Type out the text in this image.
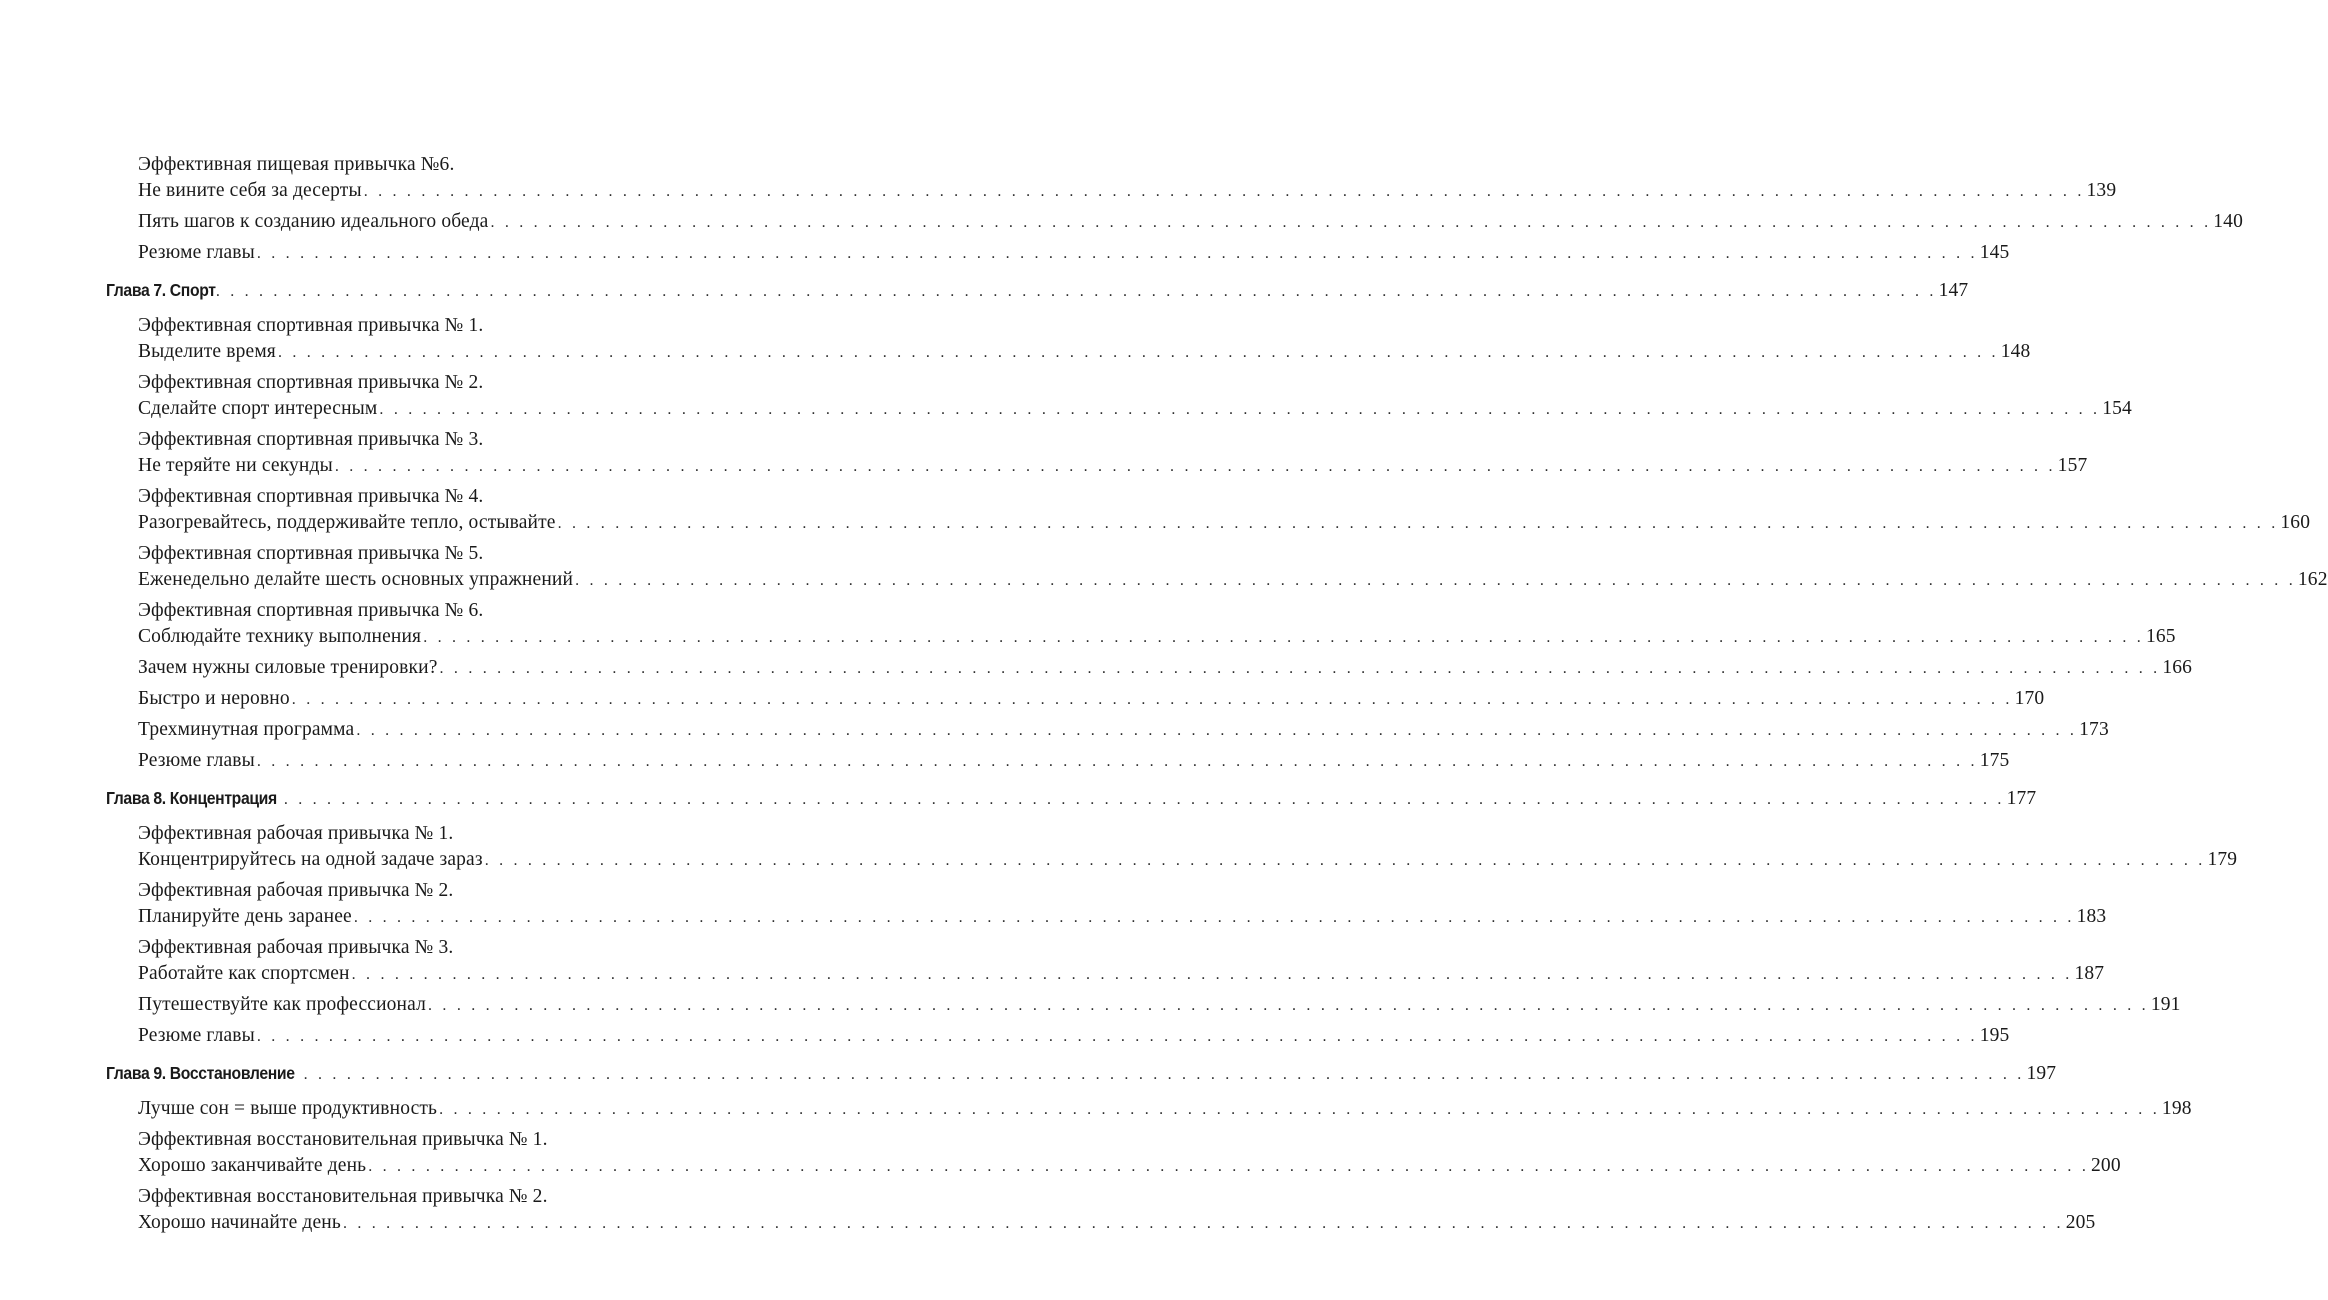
Эффективная пищевая привычка №6.
Не вините себя за десерты . . . . . . . . . . . . . . . . . . . . . . . . . . . . . . . . . . . . . . . . . . . . . . . . . . . . . . . . . . . . . . . . . . . . . . . . . . . . . . . . . . . . . . . . . . . . . . . . . . . . . . . . . . . . . . . . . . . . . . . . 139
Пять шагов к созданию идеального обеда . . . . . . . . . . . . . . . . . . . . . . . . . . . . . . . . . . . . . . . . . . . . . . . . . . . . . . . . . . . . . . . . . . . . . . . . . . . . . . . . . . . . . . . . . . . . . . . . . . . . . . . . . . . . . . . . . . . . . . . . 140
Резюме главы . . . . . . . . . . . . . . . . . . . . . . . . . . . . . . . . . . . . . . . . . . . . . . . . . . . . . . . . . . . . . . . . . . . . . . . . . . . . . . . . . . . . . . . . . . . . . . . . . . . . . . . . . . . . . . . . . . . . . . . . 145
Глава 7. Спорт . . . . . . . . . . . . . . . . . . . . . . . . . . . . . . . . . . . . . . . . . . . . . . . . . . . . . . . . . . . . . . . . . . . . . . . . . . . . . . . . . . . . . . . . . . . . . . . . . . . . . . . . . . . . . . . . . . . . . . . . 147
Эффективная спортивная привычка № 1.
Выделите время . . . . . . . . . . . . . . . . . . . . . . . . . . . . . . . . . . . . . . . . . . . . . . . . . . . . . . . . . . . . . . . . . . . . . . . . . . . . . . . . . . . . . . . . . . . . . . . . . . . . . . . . . . . . . . . . . . . . . . . . 148
Эффективная спортивная привычка № 2.
Сделайте спорт интересным . . . . . . . . . . . . . . . . . . . . . . . . . . . . . . . . . . . . . . . . . . . . . . . . . . . . . . . . . . . . . . . . . . . . . . . . . . . . . . . . . . . . . . . . . . . . . . . . . . . . . . . . . . . . . . . . . . . . . . . . 154
Эффективная спортивная привычка № 3.
Не теряйте ни секунды . . . . . . . . . . . . . . . . . . . . . . . . . . . . . . . . . . . . . . . . . . . . . . . . . . . . . . . . . . . . . . . . . . . . . . . . . . . . . . . . . . . . . . . . . . . . . . . . . . . . . . . . . . . . . . . . . . . . . . . . 157
Эффективная спортивная привычка № 4.
Разогревайтесь, поддерживайте тепло, остывайте . . . . . . . . . . . . . . . . . . . . . . . . . . . . . . . . . . . . . . . . . . . . . . . . . . . . . . . . . . . . . . . . . . . . . . . . . . . . . . . . . . . . . . . . . . . . . . . . . . . . . . . . . . . . . . . . . . . . . . . . 160
Эффективная спортивная привычка № 5.
Еженедельно делайте шесть основных упражнений . . . . . . . . . . . . . . . . . . . . . . . . . . . . . . . . . . . . . . . . . . . . . . . . . . . . . . . . . . . . . . . . . . . . . . . . . . . . . . . . . . . . . . . . . . . . . . . . . . . . . . . . . . . . . . . . . . . . . . . . 162
Эффективная спортивная привычка № 6.
Соблюдайте технику выполнения . . . . . . . . . . . . . . . . . . . . . . . . . . . . . . . . . . . . . . . . . . . . . . . . . . . . . . . . . . . . . . . . . . . . . . . . . . . . . . . . . . . . . . . . . . . . . . . . . . . . . . . . . . . . . . . . . . . . . . . . 165
Зачем нужны силовые тренировки? . . . . . . . . . . . . . . . . . . . . . . . . . . . . . . . . . . . . . . . . . . . . . . . . . . . . . . . . . . . . . . . . . . . . . . . . . . . . . . . . . . . . . . . . . . . . . . . . . . . . . . . . . . . . . . . . . . . . . . . . 166
Быстро и неровно . . . . . . . . . . . . . . . . . . . . . . . . . . . . . . . . . . . . . . . . . . . . . . . . . . . . . . . . . . . . . . . . . . . . . . . . . . . . . . . . . . . . . . . . . . . . . . . . . . . . . . . . . . . . . . . . . . . . . . . . 170
Трехминутная программа . . . . . . . . . . . . . . . . . . . . . . . . . . . . . . . . . . . . . . . . . . . . . . . . . . . . . . . . . . . . . . . . . . . . . . . . . . . . . . . . . . . . . . . . . . . . . . . . . . . . . . . . . . . . . . . . . . . . . . . . 173
Резюме главы . . . . . . . . . . . . . . . . . . . . . . . . . . . . . . . . . . . . . . . . . . . . . . . . . . . . . . . . . . . . . . . . . . . . . . . . . . . . . . . . . . . . . . . . . . . . . . . . . . . . . . . . . . . . . . . . . . . . . . . . 175
Глава 8. Концентрация . . . . . . . . . . . . . . . . . . . . . . . . . . . . . . . . . . . . . . . . . . . . . . . . . . . . . . . . . . . . . . . . . . . . . . . . . . . . . . . . . . . . . . . . . . . . . . . . . . . . . . . . . . . . . . . . . . . . . . . . 177
Эффективная рабочая привычка № 1.
Концентрируйтесь на одной задаче зараз . . . . . . . . . . . . . . . . . . . . . . . . . . . . . . . . . . . . . . . . . . . . . . . . . . . . . . . . . . . . . . . . . . . . . . . . . . . . . . . . . . . . . . . . . . . . . . . . . . . . . . . . . . . . . . . . . . . . . . . . 179
Эффективная рабочая привычка № 2.
Планируйте день заранее . . . . . . . . . . . . . . . . . . . . . . . . . . . . . . . . . . . . . . . . . . . . . . . . . . . . . . . . . . . . . . . . . . . . . . . . . . . . . . . . . . . . . . . . . . . . . . . . . . . . . . . . . . . . . . . . . . . . . . . . 183
Эффективная рабочая привычка № 3.
Работайте как спортсмен . . . . . . . . . . . . . . . . . . . . . . . . . . . . . . . . . . . . . . . . . . . . . . . . . . . . . . . . . . . . . . . . . . . . . . . . . . . . . . . . . . . . . . . . . . . . . . . . . . . . . . . . . . . . . . . . . . . . . . . . 187
Путешествуйте как профессионал . . . . . . . . . . . . . . . . . . . . . . . . . . . . . . . . . . . . . . . . . . . . . . . . . . . . . . . . . . . . . . . . . . . . . . . . . . . . . . . . . . . . . . . . . . . . . . . . . . . . . . . . . . . . . . . . . . . . . . . . 191
Резюме главы . . . . . . . . . . . . . . . . . . . . . . . . . . . . . . . . . . . . . . . . . . . . . . . . . . . . . . . . . . . . . . . . . . . . . . . . . . . . . . . . . . . . . . . . . . . . . . . . . . . . . . . . . . . . . . . . . . . . . . . . 195
Глава 9. Восстановление . . . . . . . . . . . . . . . . . . . . . . . . . . . . . . . . . . . . . . . . . . . . . . . . . . . . . . . . . . . . . . . . . . . . . . . . . . . . . . . . . . . . . . . . . . . . . . . . . . . . . . . . . . . . . . . . . . . . . . . . 197
Лучше сон = выше продуктивность . . . . . . . . . . . . . . . . . . . . . . . . . . . . . . . . . . . . . . . . . . . . . . . . . . . . . . . . . . . . . . . . . . . . . . . . . . . . . . . . . . . . . . . . . . . . . . . . . . . . . . . . . . . . . . . . . . . . . . . . 198
Эффективная восстановительная привычка № 1.
Хорошо заканчивайте день . . . . . . . . . . . . . . . . . . . . . . . . . . . . . . . . . . . . . . . . . . . . . . . . . . . . . . . . . . . . . . . . . . . . . . . . . . . . . . . . . . . . . . . . . . . . . . . . . . . . . . . . . . . . . . . . . . . . . . . . 200
Эффективная восстановительная привычка № 2.
Хорошо начинайте день . . . . . . . . . . . . . . . . . . . . . . . . . . . . . . . . . . . . . . . . . . . . . . . . . . . . . . . . . . . . . . . . . . . . . . . . . . . . . . . . . . . . . . . . . . . . . . . . . . . . . . . . . . . . . . . . . . . . . . . . 205
